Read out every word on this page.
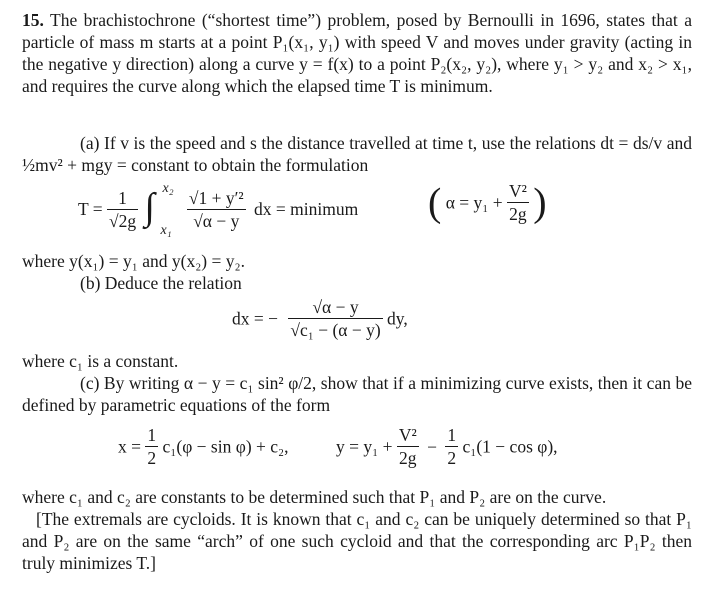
15. The brachistochrone (“shortest time”) problem, posed by Bernoulli in 1696, states that a particle of mass m starts at a point P₁(x₁, y₁) with speed V and moves under gravity (acting in the negative y direction) along a curve y = f(x) to a point P₂(x₂, y₂), where y₁ > y₂ and x₂ > x₁, and requires the curve along which the elapsed time T is minimum.
(a) If v is the speed and s the distance travelled at time t, use the relations dt = ds/v and ½mv² + mgy = constant to obtain the formulation
$T = \frac{1}{√2g}$
∫ x₂
x₁
$\frac{\text{√1 + y′²}}{√\alpha - y}$ dx = minimum ( $\alpha = y_1 + \frac{\text{V²}}{2g}$ )
where y(x₁) = y₁ and y(x₂) = y₂.
(b) Deduce the relation
dx = − $\frac{√\alpha - y}{\text{√c₁ − (α − y)}}$ dy,
where c₁ is a constant.
(c) By writing α − y = c₁ sin² φ/2, show that if a minimizing curve exists, then it can be defined by parametric equations of the form
$x = \frac{1}{2} c_1(\varphi - \sin \varphi) + c_2$,	$y = y_1 + \frac{\text{V²}}{2g} - \frac{1}{2} c_1(1 - \cos \varphi)$,
where c₁ and c₂ are constants to be determined such that P₁ and P₂ are on the curve.
[The extremals are cycloids. It is known that c₁ and c₂ can be uniquely determined so that P₁ and P₂ are on the same “arch” of one such cycloid and that the corresponding arc P₁P₂ then truly minimizes T.]
